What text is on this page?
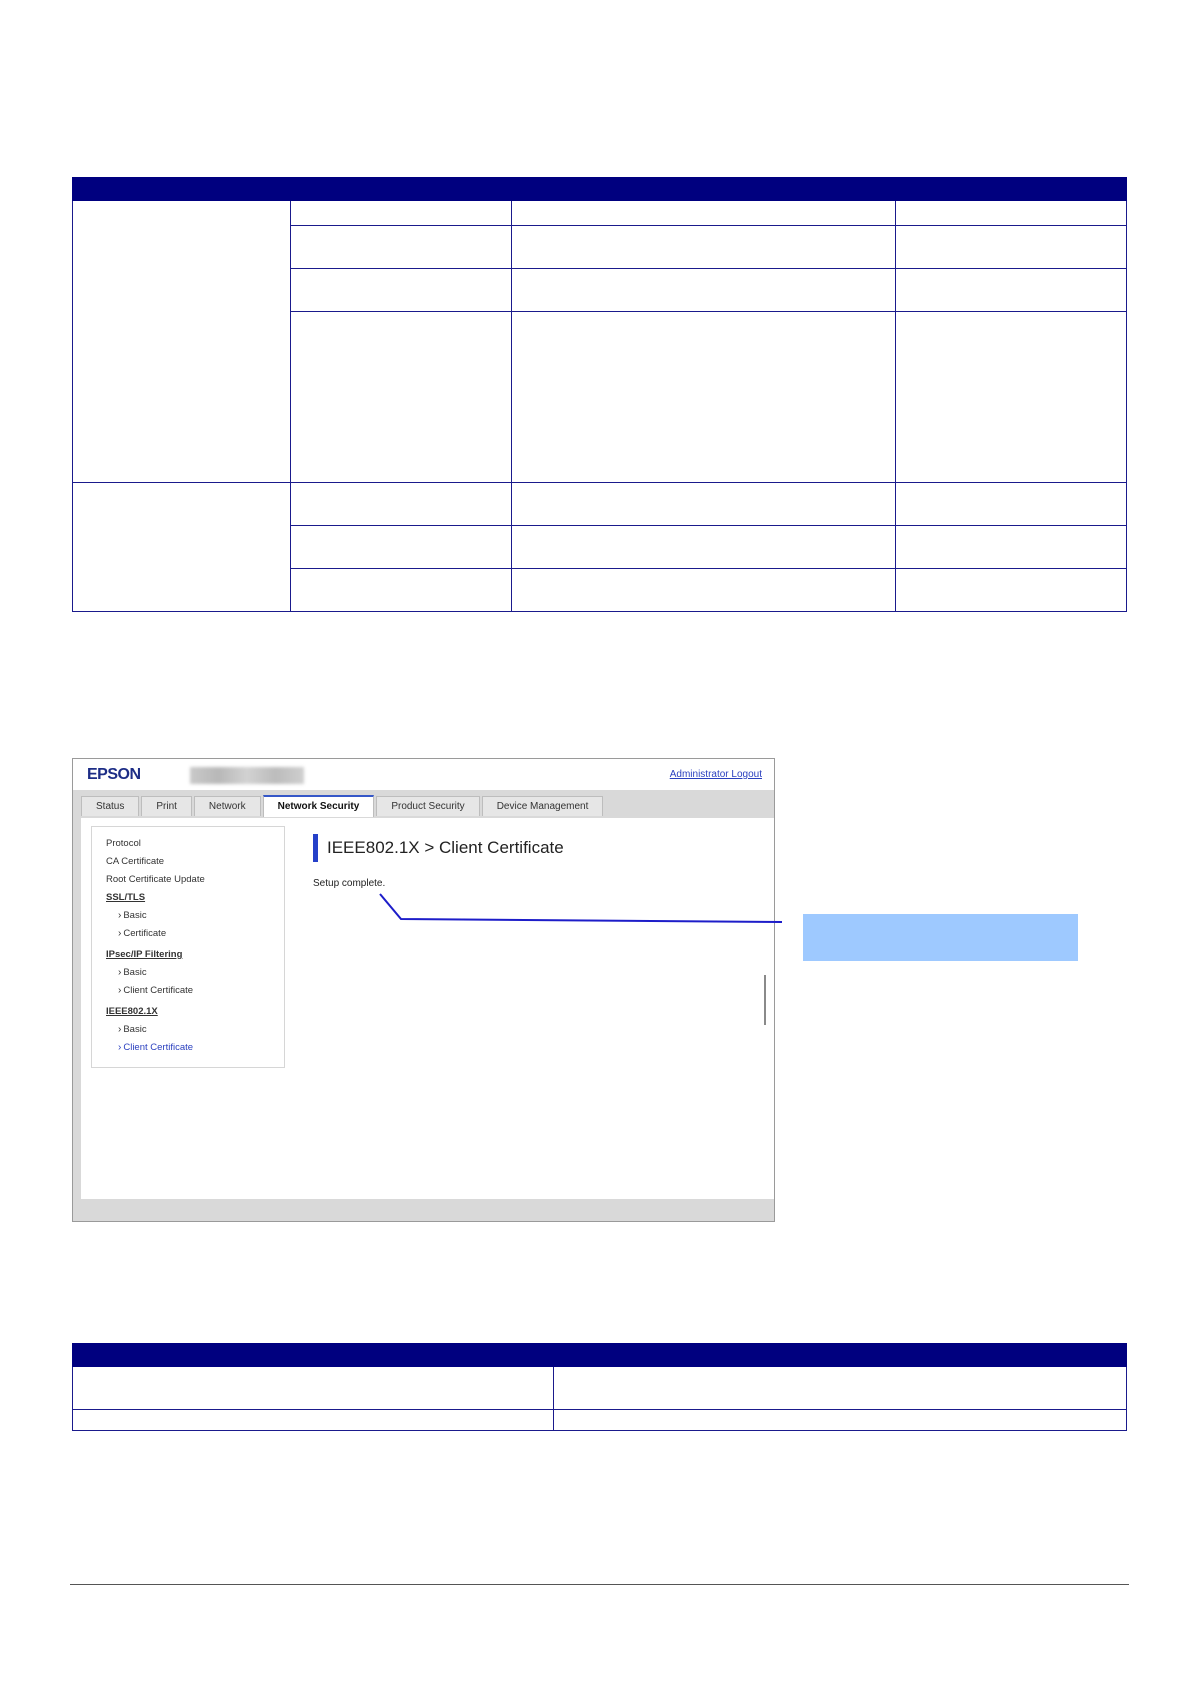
EPSON	Administrator Logout
Status	Print	Network	Network Security	Product Security	Device Management
Protocol
CA Certificate
Root Certificate Update
SSL/TLS
› Basic
› Certificate
IPsec/IP Filtering
› Basic
› Client Certificate
IEEE802.1X
› Basic
› Client Certificate
IEEE802.1X > Client Certificate
Setup complete.
